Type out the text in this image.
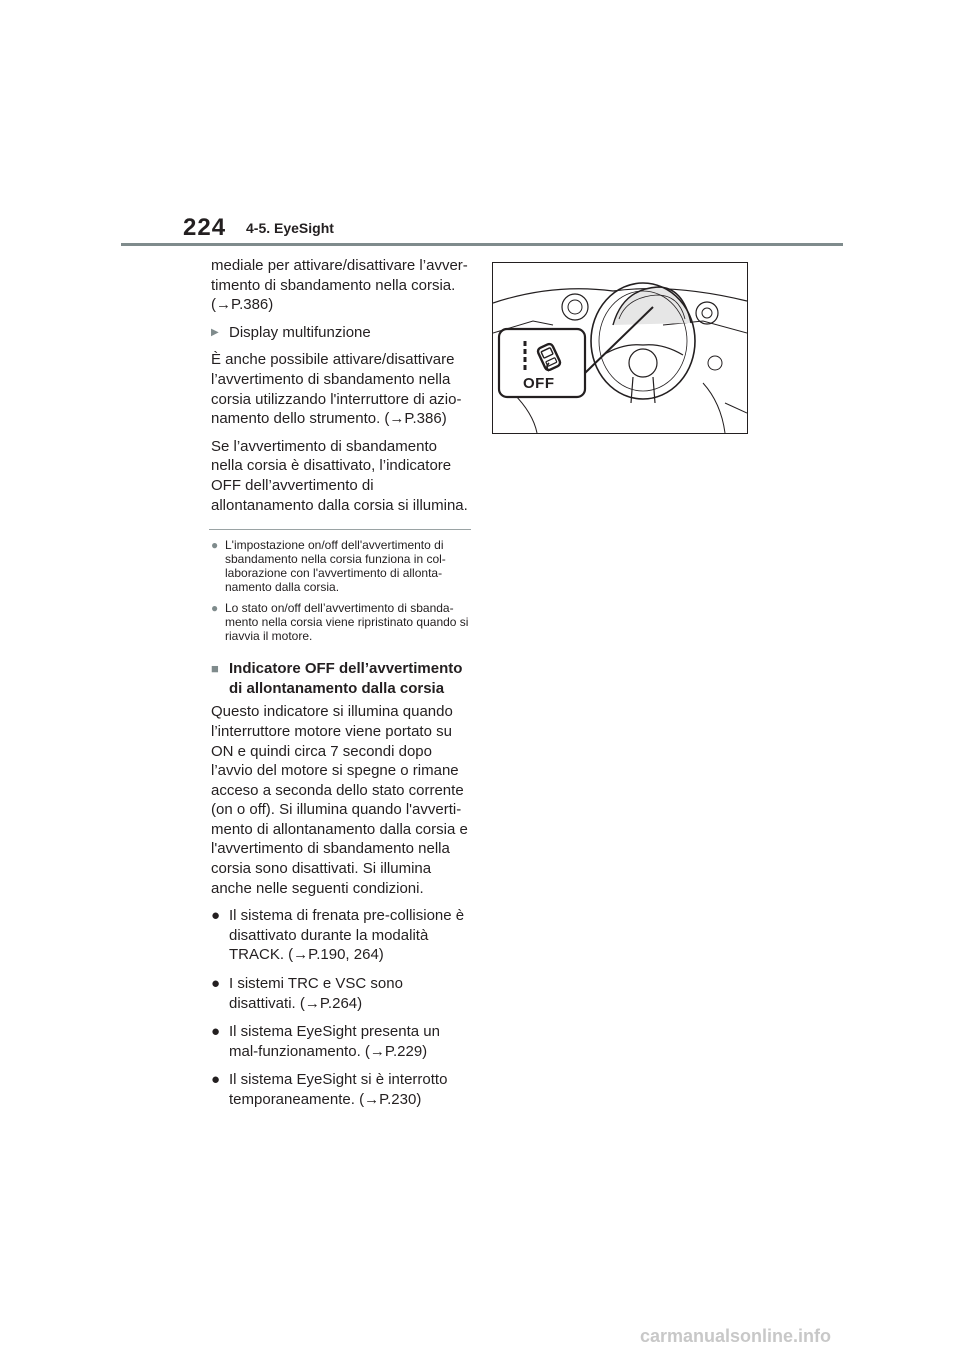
224 4-5. EyeSight

mediale per attivare/disattivare l’avver-timento di sbandamento nella corsia. (→P.386)

▶ Display multifunzione

È anche possibile attivare/disattivare l’avvertimento di sbandamento nella corsia utilizzando l'interruttore di azio-namento dello strumento. (→P.386)

Se l’avvertimento di sbandamento nella corsia è disattivato, l’indicatore OFF dell’avvertimento di allontanamento dalla corsia si illumina.

● L'impostazione on/off dell'avvertimento di sbandamento nella corsia funziona in col-laborazione con l'avvertimento di allonta-namento dalla corsia.
● Lo stato on/off dell’avvertimento di sbanda-mento nella corsia viene ripristinato quando si riavvia il motore.
■ Indicatore OFF dell’avvertimento di allontanamento dalla corsia

Questo indicatore si illumina quando l’interruttore motore viene portato su ON e quindi circa 7 secondi dopo l’avvio del motore si spegne o rimane acceso a seconda dello stato corrente (on o off). Si illumina quando l'avverti-mento di allontanamento dalla corsia e l'avvertimento di sbandamento nella corsia sono disattivati. Si illumina anche nelle seguenti condizioni.

● Il sistema di frenata pre-collisione è disattivato durante la modalità TRACK. (→P.190, 264)
● I sistemi TRC e VSC sono disattivati. (→P.264)
● Il sistema EyeSight presenta un mal-funzionamento. (→P.229)
● Il sistema EyeSight si è interrotto temporaneamente. (→P.230)
OFF
carmanualsonline.info
